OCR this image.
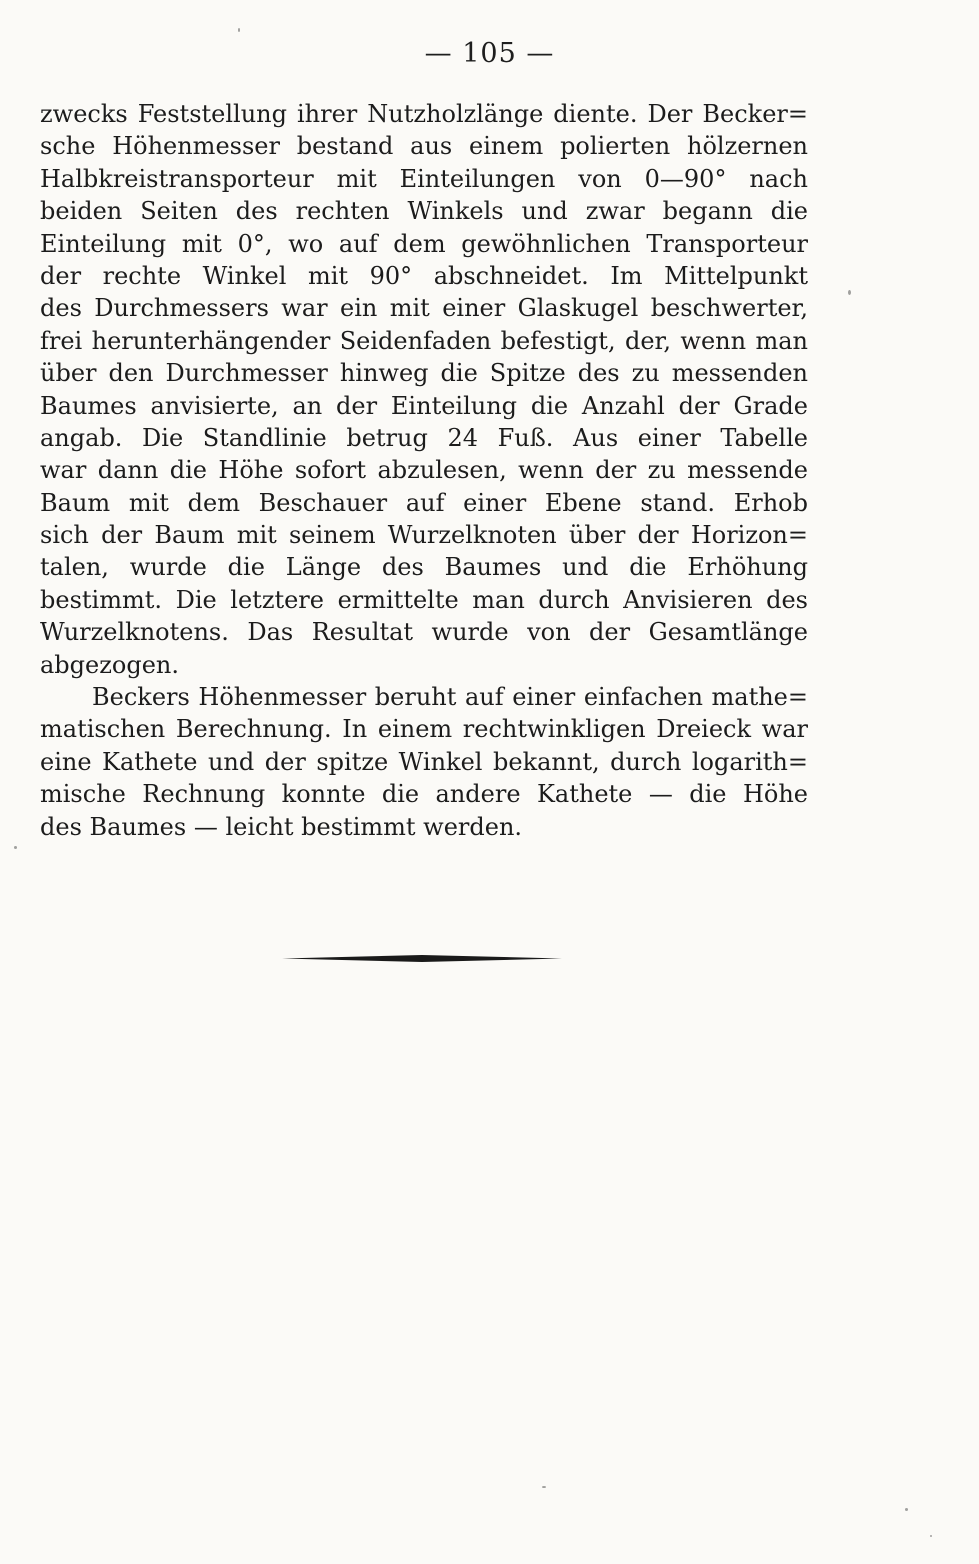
— 105 —
zwecks Feststellung ihrer Nutzholzlänge diente. Der Becker=
sche Höhenmesser bestand aus einem polierten hölzernen
Halbkreistransporteur mit Einteilungen von 0—90° nach
beiden Seiten des rechten Winkels und zwar begann die
Einteilung mit 0°, wo auf dem gewöhnlichen Transporteur
der rechte Winkel mit 90° abschneidet. Im Mittelpunkt
des Durchmessers war ein mit einer Glaskugel beschwerter,
frei herunterhängender Seidenfaden befestigt, der, wenn man
über den Durchmesser hinweg die Spitze des zu messenden
Baumes anvisierte, an der Einteilung die Anzahl der Grade
angab. Die Standlinie betrug 24 Fuß. Aus einer Tabelle
war dann die Höhe sofort abzulesen, wenn der zu messende
Baum mit dem Beschauer auf einer Ebene stand. Erhob
sich der Baum mit seinem Wurzelknoten über der Horizon=
talen, wurde die Länge des Baumes und die Erhöhung
bestimmt. Die letztere ermittelte man durch Anvisieren des
Wurzelknotens. Das Resultat wurde von der Gesamtlänge
abgezogen.
Beckers Höhenmesser beruht auf einer einfachen mathe=
matischen Berechnung. In einem rechtwinkligen Dreieck war
eine Kathete und der spitze Winkel bekannt, durch logarith=
mische Rechnung konnte die andere Kathete — die Höhe
des Baumes — leicht bestimmt werden.
